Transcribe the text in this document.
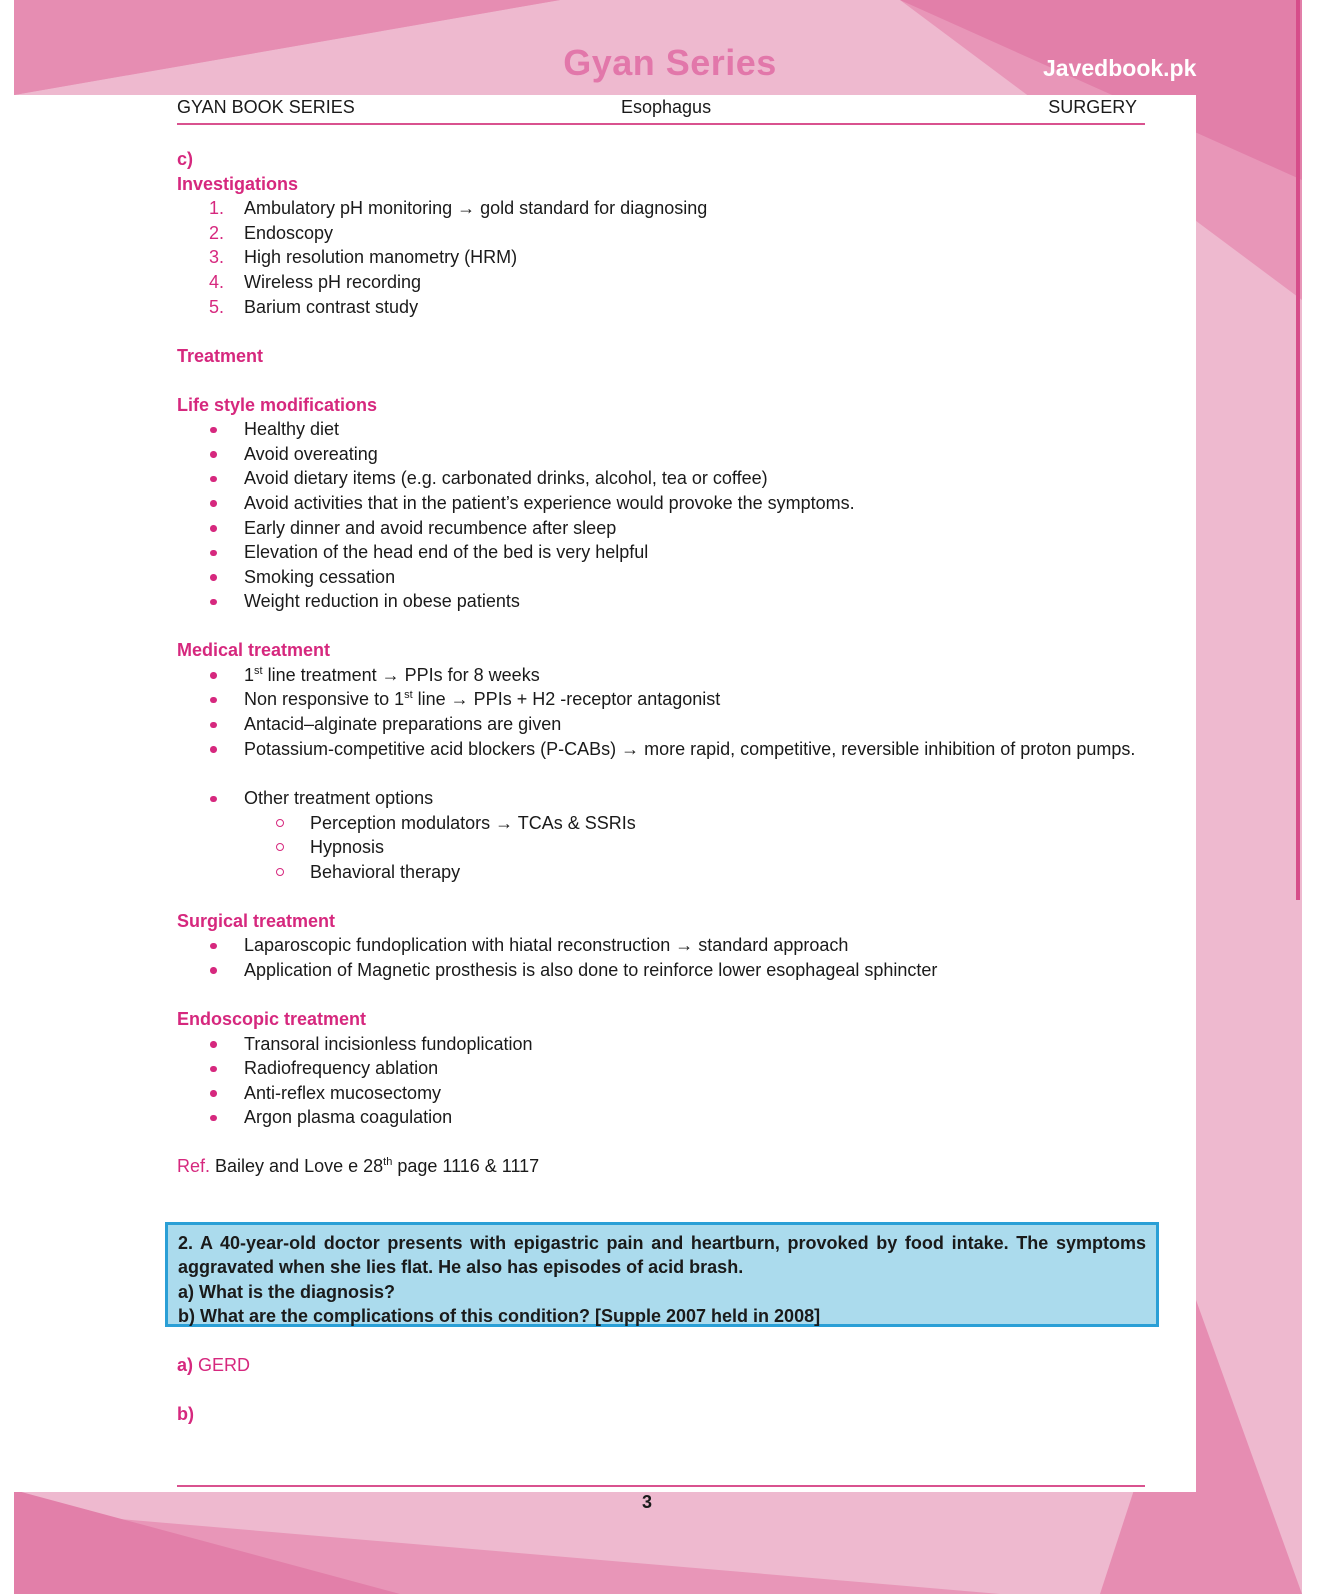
Gyan Series	Javedbook.pk
GYAN BOOK SERIES	Esophagus	SURGERY
c)
Investigations
1. Ambulatory pH monitoring → gold standard for diagnosing
2. Endoscopy
3. High resolution manometry (HRM)
4. Wireless pH recording
5. Barium contrast study
Treatment
Life style modifications
Healthy diet
Avoid overeating
Avoid dietary items (e.g. carbonated drinks, alcohol, tea or coffee)
Avoid activities that in the patient’s experience would provoke the symptoms.
Early dinner and avoid recumbence after sleep
Elevation of the head end of the bed is very helpful
Smoking cessation
Weight reduction in obese patients
Medical treatment
1st line treatment → PPIs for 8 weeks
Non responsive to 1st line → PPIs + H2 -receptor antagonist
Antacid–alginate preparations are given
Potassium-competitive acid blockers (P-CABs) → more rapid, competitive, reversible inhibition of proton pumps.
Other treatment options
Perception modulators → TCAs & SSRIs
Hypnosis
Behavioral therapy
Surgical treatment
Laparoscopic fundoplication with hiatal reconstruction → standard approach
Application of Magnetic prosthesis is also done to reinforce lower esophageal sphincter
Endoscopic treatment
Transoral incisionless fundoplication
Radiofrequency ablation
Anti-reflex mucosectomy
Argon plasma coagulation
Ref. Bailey and Love e 28th page 1116 & 1117
2. A 40-year-old doctor presents with epigastric pain and heartburn, provoked by food intake. The symptoms
aggravated when she lies flat. He also has episodes of acid brash.
a) What is the diagnosis?
b) What are the complications of this condition? [Supple 2007 held in 2008]
a) GERD
b)
3
